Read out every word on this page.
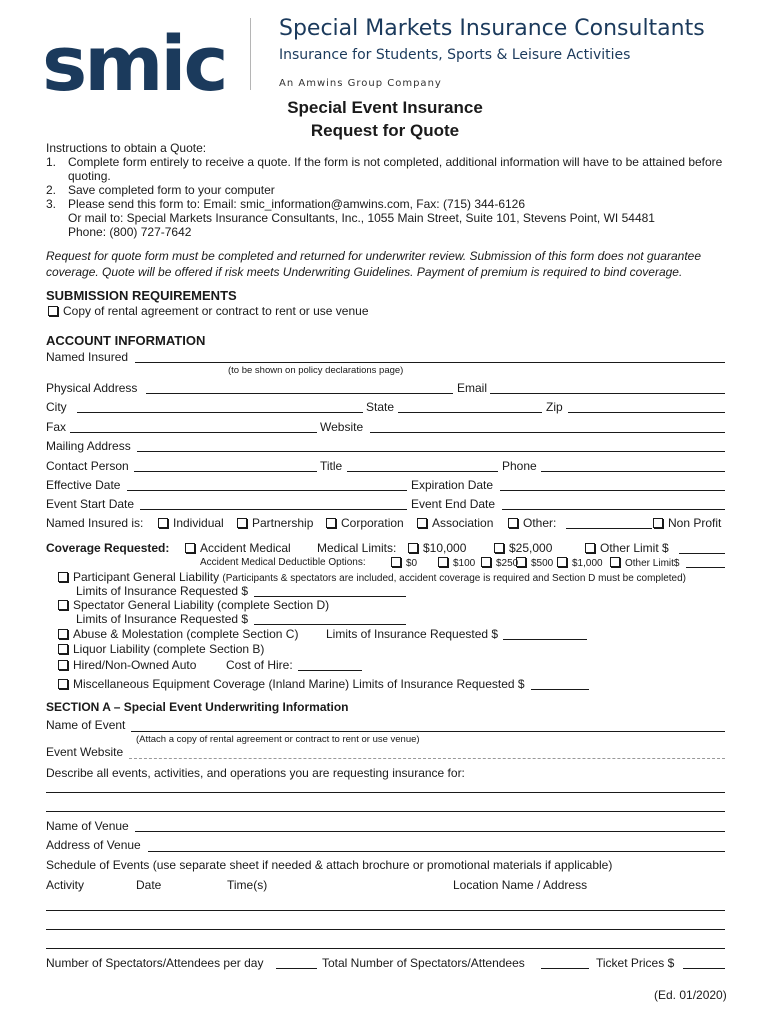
smic Special Markets Insurance Consultants
Insurance for Students, Sports & Leisure Activities
An Amwins Group Company
Special Event Insurance
Request for Quote
Instructions to obtain a Quote:
1. Complete form entirely to receive a quote. If the form is not completed, additional information will have to be attained before
quoting.
2. Save completed form to your computer
3. Please send this form to: Email: smic_information@amwins.com, Fax: (715) 344-6126
Or mail to: Special Markets Insurance Consultants, Inc., 1055 Main Street, Suite 101, Stevens Point, WI 54481
Phone: (800) 727-7642
Request for quote form must be completed and returned for underwriter review. Submission of this form does not guarantee
coverage. Quote will be offered if risk meets Underwriting Guidelines. Payment of premium is required to bind coverage.
SUBMISSION REQUIREMENTS
Copy of rental agreement or contract to rent or use venue
ACCOUNT INFORMATION
Named Insured
(to be shown on policy declarations page)
Physical Address	Email
City	State	Zip
Fax	Website
Mailing Address
Contact Person	Title	Phone
Effective Date	Expiration Date
Event Start Date	Event End Date
Named Insured is:	Individual	Partnership	Corporation	Association	Other:	Non Profit
Coverage Requested:	Accident Medical Medical Limits:	$10,000	$25,000	Other Limit $
Accident Medical Deductible Options:	$0	$100	$250	$500	$1,000	Other Limit$
Participant General Liability (Participants & spectators are included, accident coverage is required and Section D must be completed)
Limits of Insurance Requested $
Spectator General Liability (complete Section D)
Limits of Insurance Requested $
Abuse & Molestation (complete Section C) Limits of Insurance Requested $
Liquor Liability (complete Section B)
Hired/Non-Owned Auto Cost of Hire:
Miscellaneous Equipment Coverage (Inland Marine) Limits of Insurance Requested $
SECTION A – Special Event Underwriting Information
Name of Event
(Attach a copy of rental agreement or contract to rent or use venue)
Event Website
Describe all events, activities, and operations you are requesting insurance for:
Name of Venue
Address of Venue
Schedule of Events (use separate sheet if needed & attach brochure or promotional materials if applicable)
Activity	Date	Time(s)	Location Name / Address
Number of Spectators/Attendees per day	Total Number of Spectators/Attendees	Ticket Prices $
(Ed. 01/2020)
